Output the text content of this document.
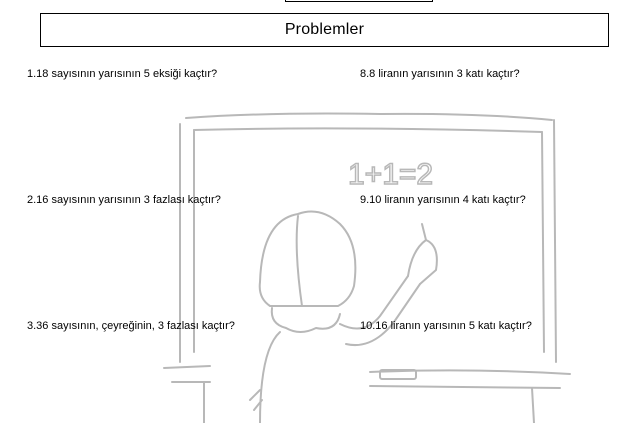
Problemler
1+1=2
1.18 sayısının yarısının 5 eksiği kaçtır?
2.16 sayısının yarısının 3 fazlası kaçtır?
3.36 sayısının, çeyreğinin, 3 fazlası kaçtır?
8.8 liranın yarısının 3 katı kaçtır?
9.10 liranın yarısının 4 katı kaçtır?
10.16 liranın yarısının 5 katı kaçtır?
